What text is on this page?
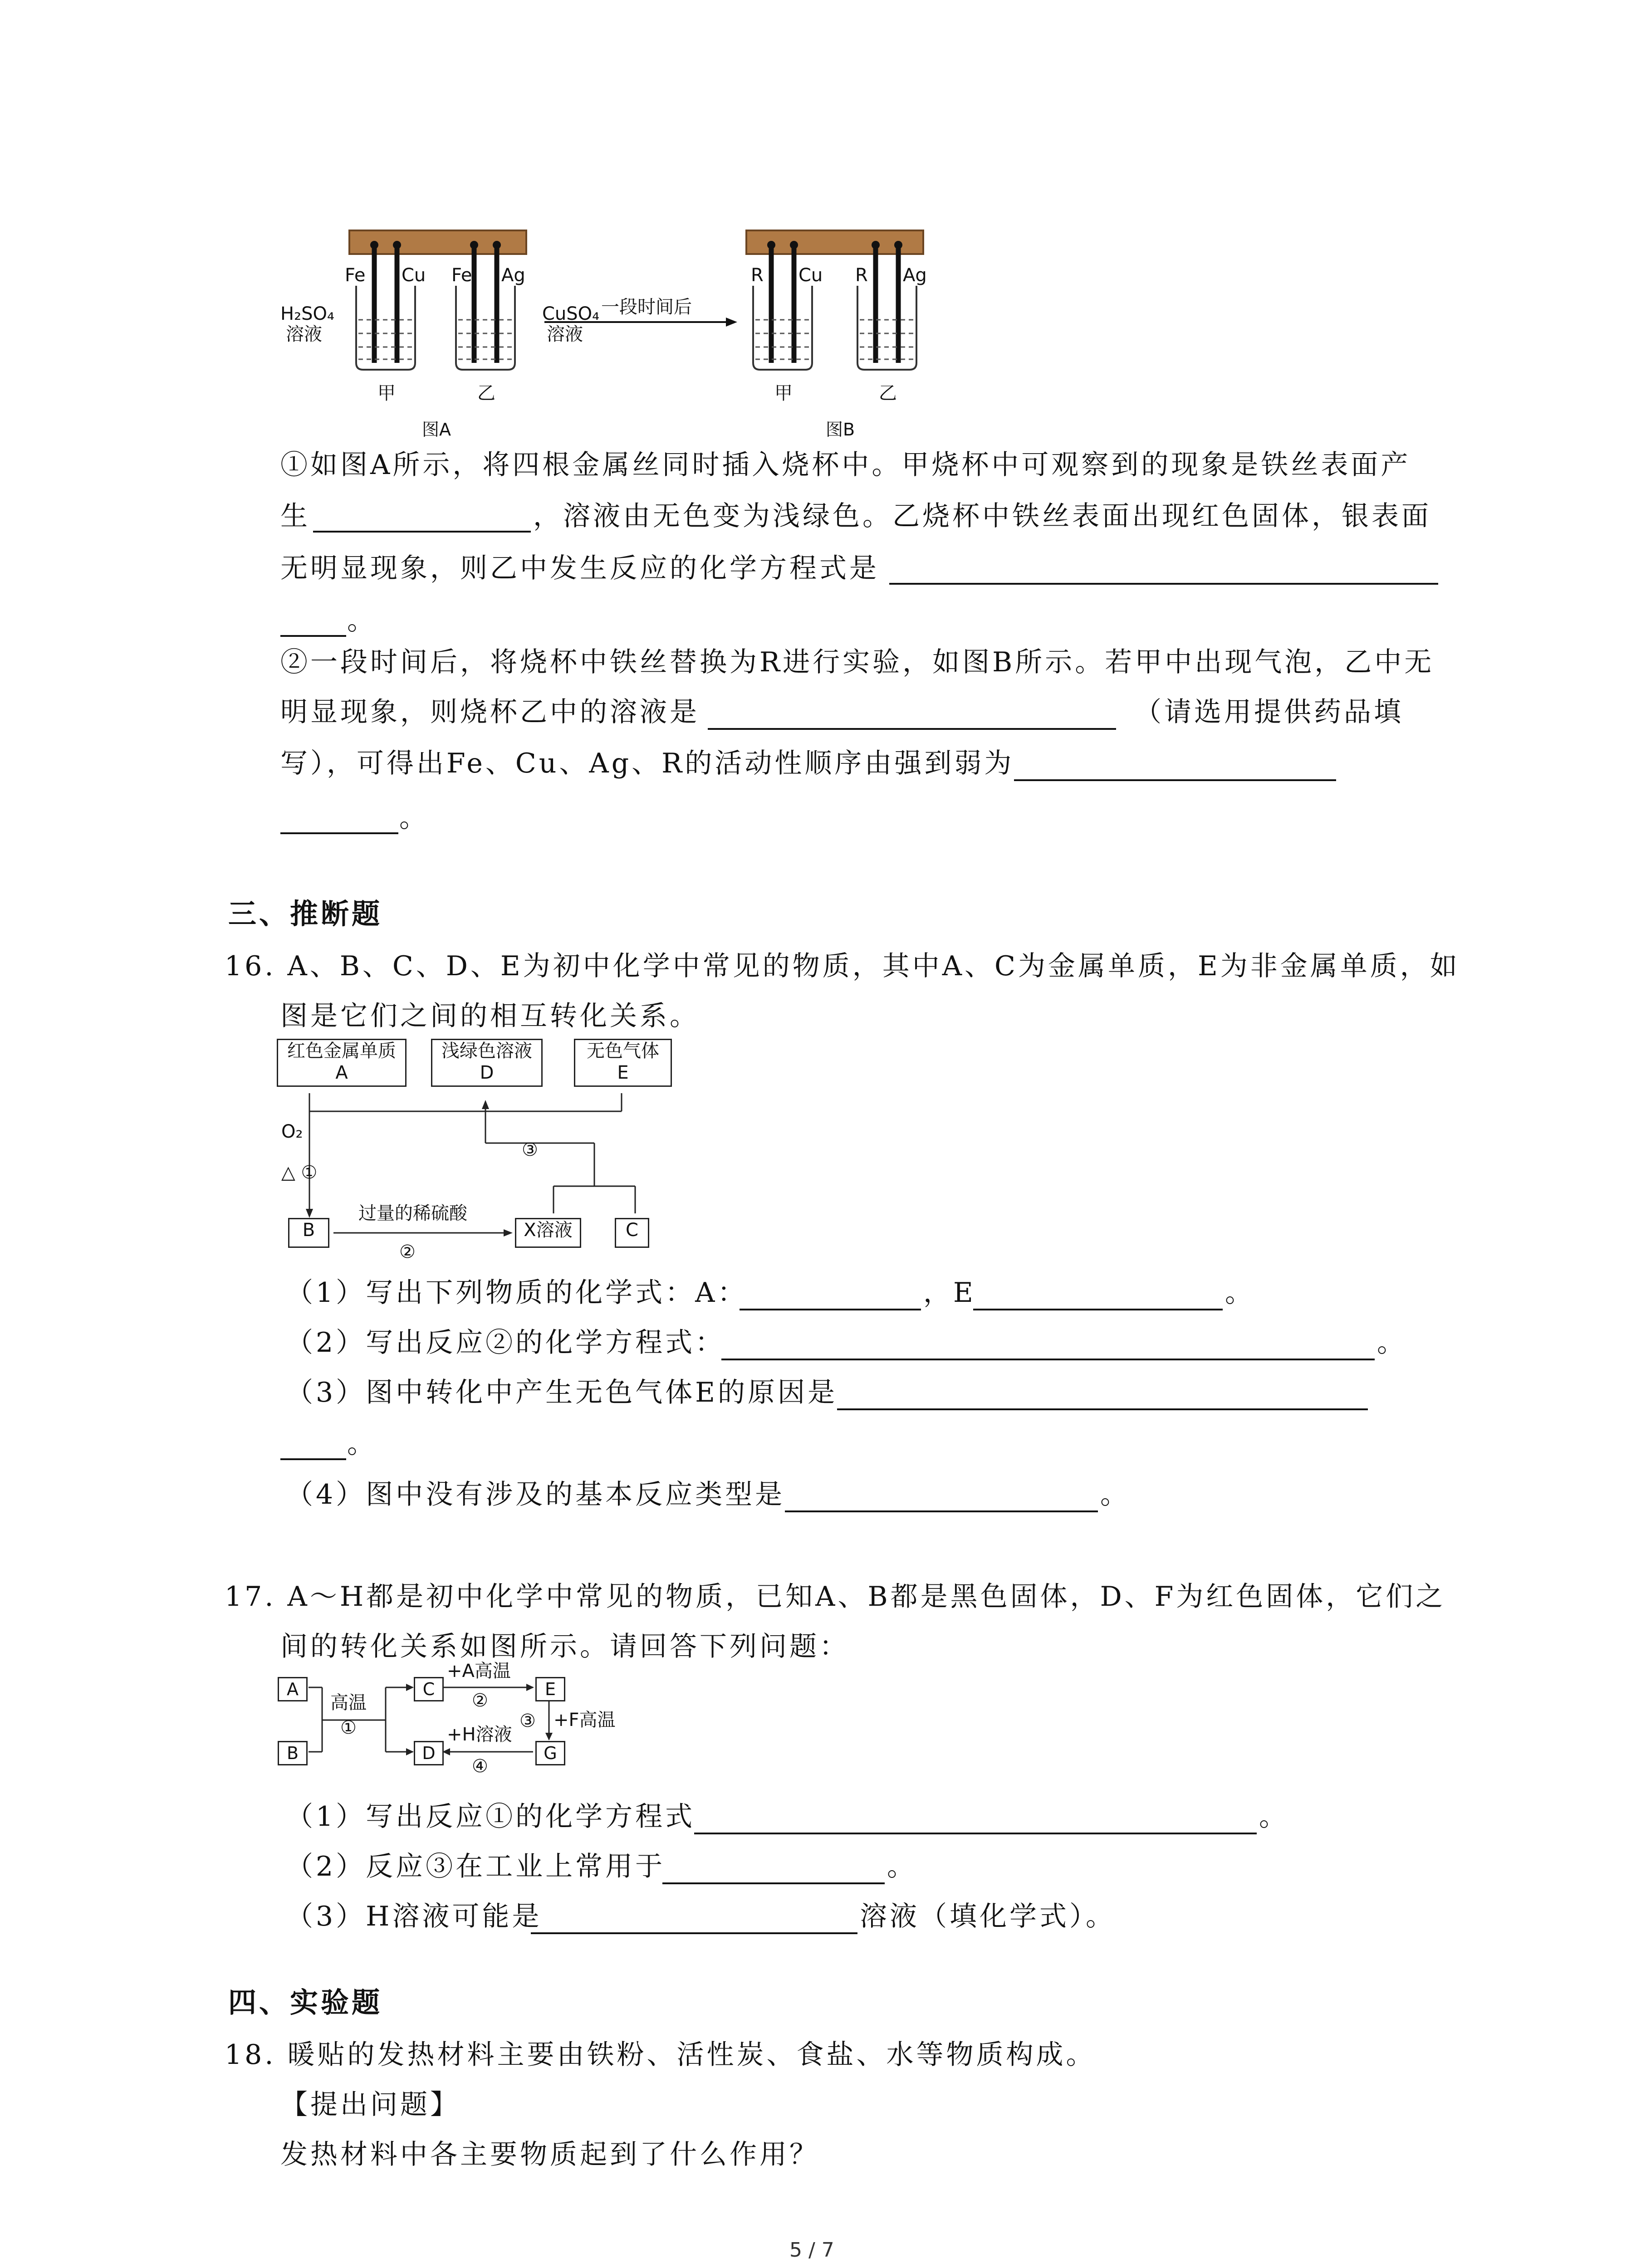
Fe Cu Fe Ag	R Cu R Ag
H₂SO₄
溶液
CuSO₄
溶液
一段时间后
甲	乙	甲	乙
图A	图B
①如图A所示，将四根金属丝同时插入烧杯中。甲烧杯中可观察到的现象是铁丝表面产
生	，溶液由无色变为浅绿色。乙烧杯中铁丝表面出现红色固体，银表面
无明显现象，则乙中发生反应的化学方程式是
。
②一段时间后，将烧杯中铁丝替换为R进行实验，如图B所示。若甲中出现气泡，乙中无
明显现象，则烧杯乙中的溶液是	（请选用提供药品填
写），可得出Fe、Cu、Ag、R的活动性顺序由强到弱为
。
三、推断题
16. A、B、C、D、E为初中化学中常见的物质，其中A、C为金属单质，E为非金属单质，如
图是它们之间的相互转化关系。
红色金属单质
A
浅绿色溶液
D
无色气体
E
O₂
△ ①
③
B
过量的稀硫酸
②
X溶液	C
（1）写出下列物质的化学式：A：	，E	。
（2）写出反应②的化学方程式：	。
（3）图中转化中产生无色气体E的原因是
。
（4）图中没有涉及的基本反应类型是	。
17. A～H都是初中化学中常见的物质，已知A、B都是黑色固体，D、F为红色固体，它们之
间的转化关系如图所示。请回答下列问题：
A
B
高温
①
C
+A高温
②
E
③ +F高温
D
+H溶液
④
G
（1）写出反应①的化学方程式	。
（2）反应③在工业上常用于	。
（3）H溶液可能是	溶液（填化学式）。
四、实验题
18. 暖贴的发热材料主要由铁粉、活性炭、食盐、水等物质构成。
【提出问题】
发热材料中各主要物质起到了什么作用？
5 / 7
